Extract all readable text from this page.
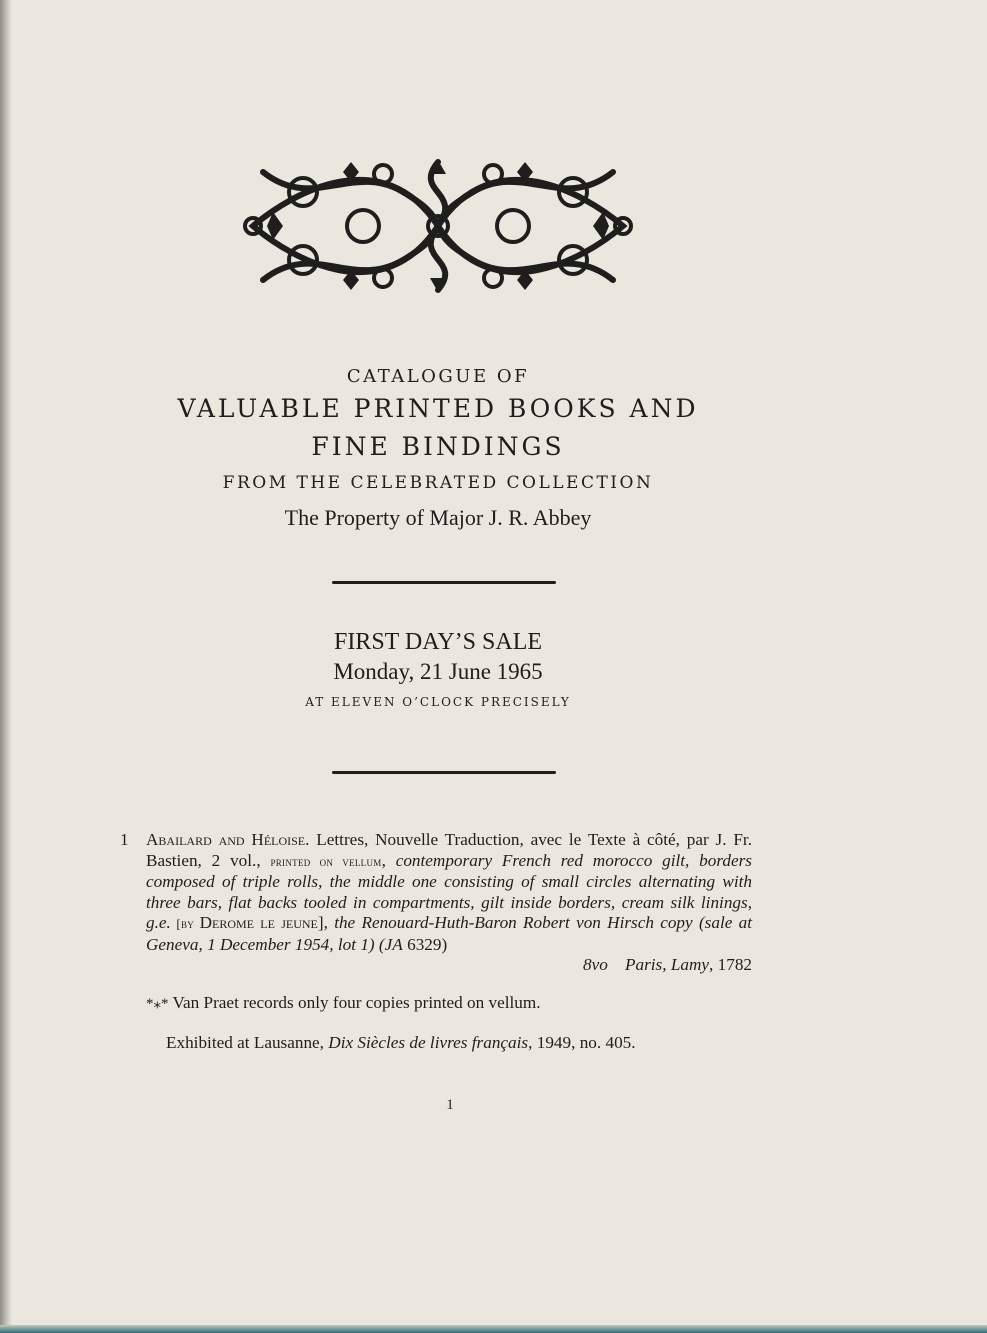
CATALOGUE OF
VALUABLE PRINTED BOOKS AND
FINE BINDINGS
FROM THE CELEBRATED COLLECTION
The Property of Major J. R. Abbey
FIRST DAY’S SALE
Monday, 21 June 1965
AT ELEVEN O’CLOCK PRECISELY
1	Abailard and Héloise. Lettres, Nouvelle Traduction, avec le Texte à côté, par J. Fr. Bastien, 2 vol., printed on vellum, contemporary French red morocco gilt, borders composed of triple rolls, the middle one consisting of small circles alternating with three bars, flat backs tooled in compartments, gilt inside borders, cream silk linings, g.e. [by Derome le jeune], the Renouard-Huth-Baron Robert von Hirsch copy (sale at Geneva, 1 December 1954, lot 1) (JA 6329)
8vo Paris, Lamy, 1782
*⁎* Van Praet records only four copies printed on vellum.
Exhibited at Lausanne, Dix Siècles de livres français, 1949, no. 405.
1
